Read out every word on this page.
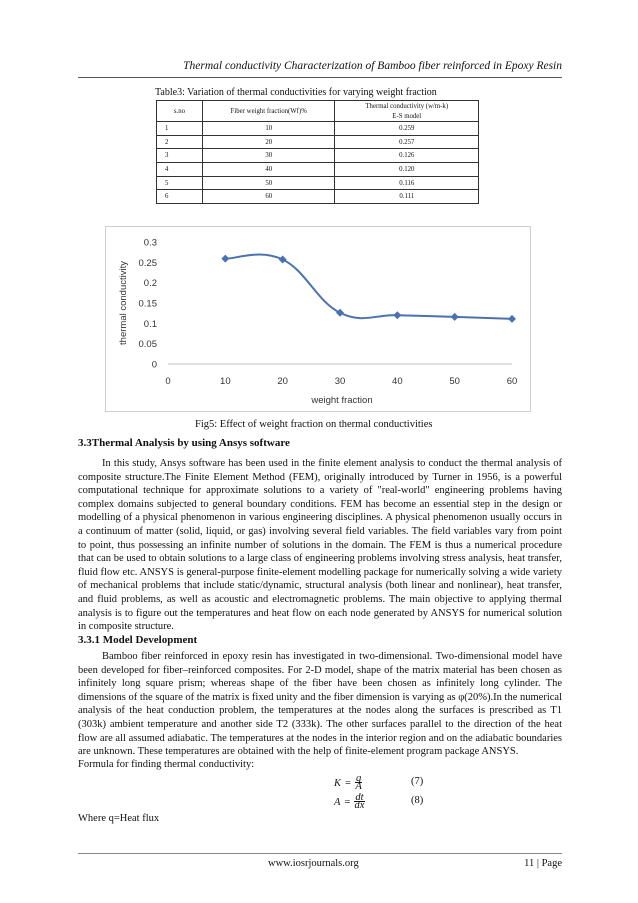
Thermal conductivity Characterization of Bamboo fiber reinforced in Epoxy Resin
Table3: Variation of thermal conductivities for varying weight fraction
s.no	Fiber weight fraction(Wf)%	Thermal conductivity (w/m-k)
		E-S model
1	10	0.259
2	20	0.257
3	30	0.126
4	40	0.120
5	50	0.116
6	60	0.111
0
0.05
0.1
0.15
0.2
0.25
0.3
0	10	20	30	40	50	60
weight fraction
thermal conductivity
Fig5: Effect of weight fraction on thermal conductivities
3.3Thermal Analysis by using Ansys software

In this study, Ansys software has been used in the finite element analysis to conduct the thermal analysis of composite structure.The Finite Element Method (FEM), originally introduced by Turner in 1956, is a powerful computational technique for approximate solutions to a variety of "real-world" engineering problems having complex domains subjected to general boundary conditions. FEM has become an essential step in the design or modelling of a physical phenomenon in various engineering disciplines. A physical phenomenon usually occurs in a continuum of matter (solid, liquid, or gas) involving several field variables. The field variables vary from point to point, thus possessing an infinite number of solutions in the domain. The FEM is thus a numerical procedure that can be used to obtain solutions to a large class of engineering problems involving stress analysis, heat transfer, fluid flow etc. ANSYS is general-purpose finite-element modelling package for numerically solving a wide variety of mechanical problems that include static/dynamic, structural analysis (both linear and nonlinear), heat transfer, and fluid problems, as well as acoustic and electromagnetic problems. The main objective to applying thermal analysis is to figure out the temperatures and heat flow on each node generated by ANSYS for numerical solution in composite structure.

3.3.1 Model Development

Bamboo fiber reinforced in epoxy resin has investigated in two-dimensional. Two-dimensional model have been developed for fiber–reinforced composites. For 2-D model, shape of the matrix material has been chosen as infinitely long square prism; whereas shape of the fiber have been chosen as infinitely long cylinder. The dimensions of the square of the matrix is fixed unity and the fiber dimension is varying as φ(20%).In the numerical analysis of the heat conduction problem, the temperatures at the nodes along the surfaces is prescribed as T1 (303k) ambient temperature and another side T2 (333k). The other surfaces parallel to the direction of the heat flow are all assumed adiabatic. The temperatures at the nodes in the interior region and on the adiabatic boundaries are unknown. These temperatures are obtained with the help of finite-element program package ANSYS.

Formula for finding thermal conductivity:
$K = \frac{q}{A}$	(7)
$A = \frac{dt}{dx}$	(8)
Where q=Heat flux
www.iosrjournals.org	11 | Page
